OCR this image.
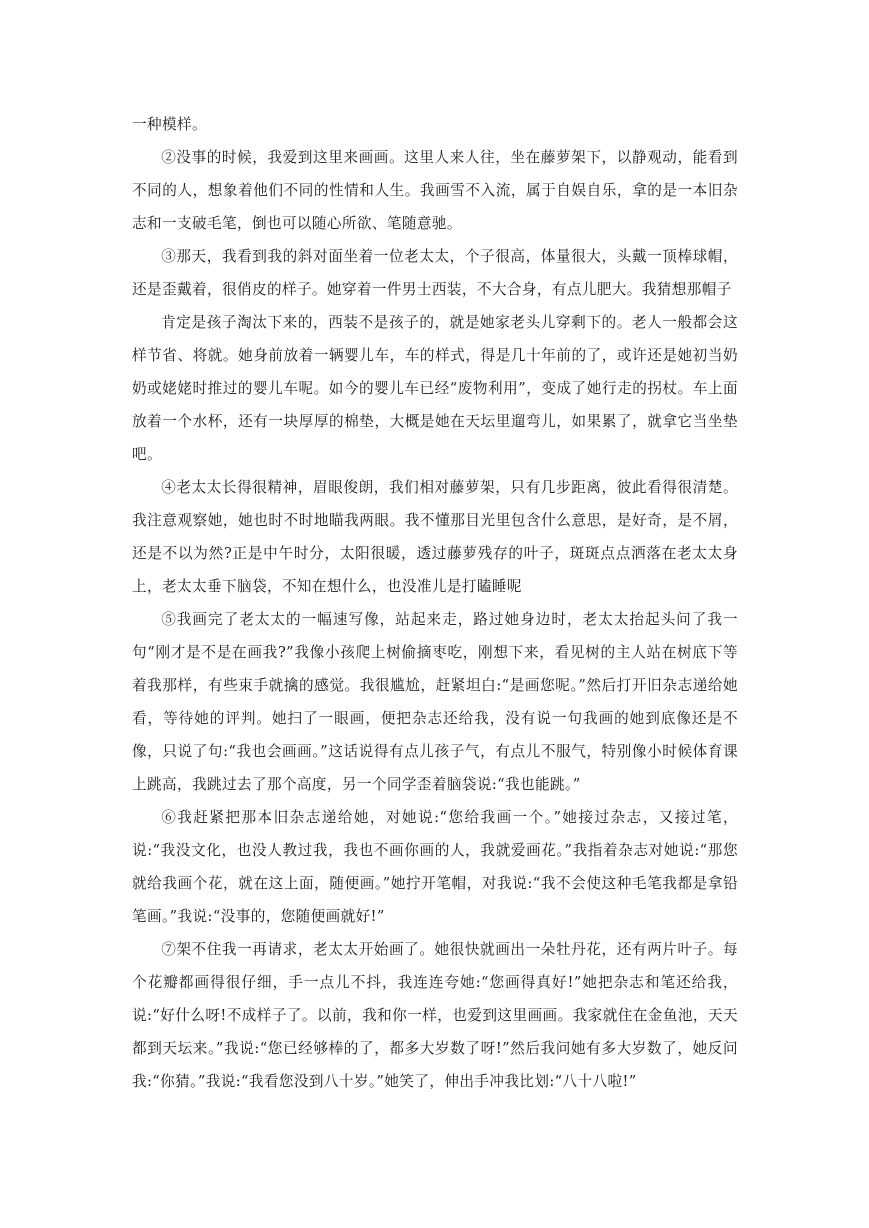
一种模样。

②没事的时候，我爱到这里来画画。这里人来人往，坐在藤萝架下，以静观动，能看到不同的人，想象着他们不同的性情和人生。我画雪不入流，属于自娱自乐，拿的是一本旧杂志和一支破毛笔，倒也可以随心所欲、笔随意驰。

③那天，我看到我的斜对面坐着一位老太太，个子很高，体量很大，头戴一顶棒球帽，还是歪戴着，很俏皮的样子。她穿着一件男士西装，不大合身，有点儿肥大。我猜想那帽子

肯定是孩子淘汰下来的，西装不是孩子的，就是她家老头儿穿剩下的。老人一般都会这样节省、将就。她身前放着一辆婴儿车，车的样式，得是几十年前的了，或许还是她初当奶奶或姥姥时推过的婴儿车呢。如今的婴儿车已经“废物利用”，变成了她行走的拐杖。车上面放着一个水杯，还有一块厚厚的棉垫，大概是她在天坛里遛弯儿，如果累了，就拿它当坐垫吧。

④老太太长得很精神，眉眼俊朗，我们相对藤萝架，只有几步距离，彼此看得很清楚。我注意观察她，她也时不时地瞄我两眼。我不懂那目光里包含什么意思，是好奇，是不屑，还是不以为然?正是中午时分，太阳很暖，透过藤萝残存的叶子，斑斑点点洒落在老太太身上，老太太垂下脑袋，不知在想什么，也没准儿是打瞌睡呢

⑤我画完了老太太的一幅速写像，站起来走，路过她身边时，老太太抬起头问了我一句“刚才是不是在画我?”我像小孩爬上树偷摘枣吃，刚想下来，看见树的主人站在树底下等着我那样，有些束手就擒的感觉。我很尴尬，赶紧坦白:“是画您呢。”然后打开旧杂志递给她看，等待她的评判。她扫了一眼画，便把杂志还给我，没有说一句我画的她到底像还是不像，只说了句:“我也会画画。”这话说得有点儿孩子气，有点儿不服气，特别像小时候体育课上跳高，我跳过去了那个高度，另一个同学歪着脑袋说:“我也能跳。”

⑥我赶紧把那本旧杂志递给她，对她说:“您给我画一个。”她接过杂志，又接过笔，说:“我没文化，也没人教过我，我也不画你画的人，我就爱画花。”我指着杂志对她说:“那您就给我画个花，就在这上面，随便画。”她拧开笔帽，对我说:“我不会使这种毛笔我都是拿铅笔画。”我说:“没事的，您随便画就好!”

⑦架不住我一再请求，老太太开始画了。她很快就画出一朵牡丹花，还有两片叶子。每个花瓣都画得很仔细，手一点儿不抖，我连连夸她:“您画得真好!”她把杂志和笔还给我，说:“好什么呀!不成样子了。以前，我和你一样，也爱到这里画画。我家就住在金鱼池，天天都到天坛来。”我说:“您已经够棒的了，都多大岁数了呀!”然后我问她有多大岁数了，她反问我:“你猜。”我说:“我看您没到八十岁。”她笑了，伸出手冲我比划:“八十八啦!”
